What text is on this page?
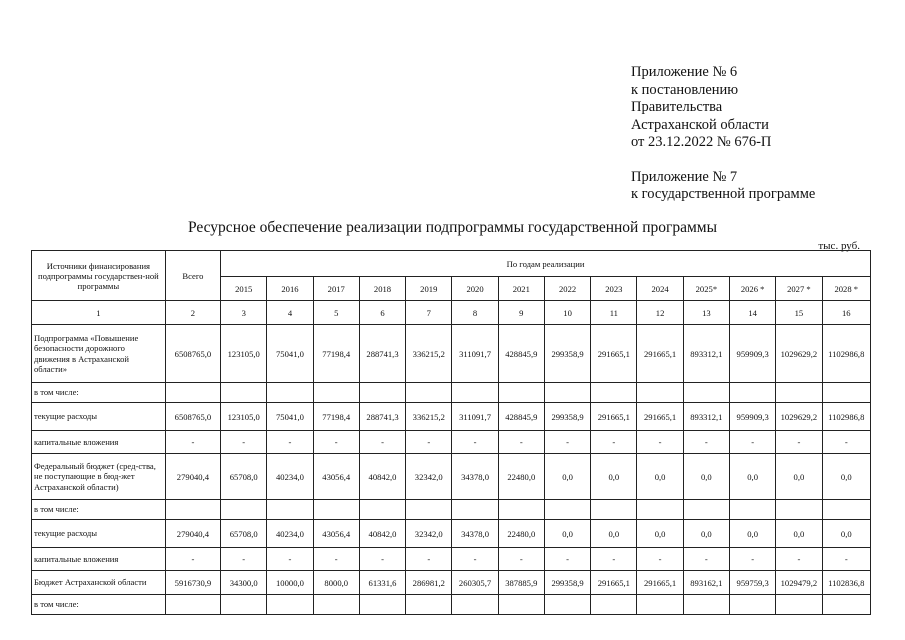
Приложение № 6
к постановлению
Правительства
Астраханской области
от 23.12.2022 № 676-П
Приложение № 7
к государственной программе
Ресурсное обеспечение реализации подпрограммы государственной программы
тыс. руб.
Источники финансирования подпрограммы государствен-ной программы	Всего	По годам реализации													
		2015	2016	2017	2018	2019	2020	2021	2022	2023	2024	2025*	2026 *	2027 *	2028 *
1	2	3	4	5	6	7	8	9	10	11	12	13	14	15	16
Подпрограмма «Повышение безопасности дорожного движения в Астраханской области»	6508765,0	123105,0	75041,0	77198,4	288741,3	336215,2	311091,7	428845,9	299358,9	291665,1	291665,1	893312,1	959909,3	1029629,2	1102986,8
в том числе:															
текущие расходы	6508765,0	123105,0	75041,0	77198,4	288741,3	336215,2	311091,7	428845,9	299358,9	291665,1	291665,1	893312,1	959909,3	1029629,2	1102986,8
капитальные вложения	-	-	-	-	-	-	-	-	-	-	-	-	-	-	-
Федеральный бюджет (сред-ства, не поступающие в бюд-жет Астраханской области)	279040,4	65708,0	40234,0	43056,4	40842,0	32342,0	34378,0	22480,0	0,0	0,0	0,0	0,0	0,0	0,0	0,0
в том числе:															
текущие расходы	279040,4	65708,0	40234,0	43056,4	40842,0	32342,0	34378,0	22480,0	0,0	0,0	0,0	0,0	0,0	0,0	0,0
капитальные вложения	-	-	-	-	-	-	-	-	-	-	-	-	-	-	-
Бюджет Астраханской области	5916730,9	34300,0	10000,0	8000,0	61331,6	286981,2	260305,7	387885,9	299358,9	291665,1	291665,1	893162,1	959759,3	1029479,2	1102836,8
в том числе:															
